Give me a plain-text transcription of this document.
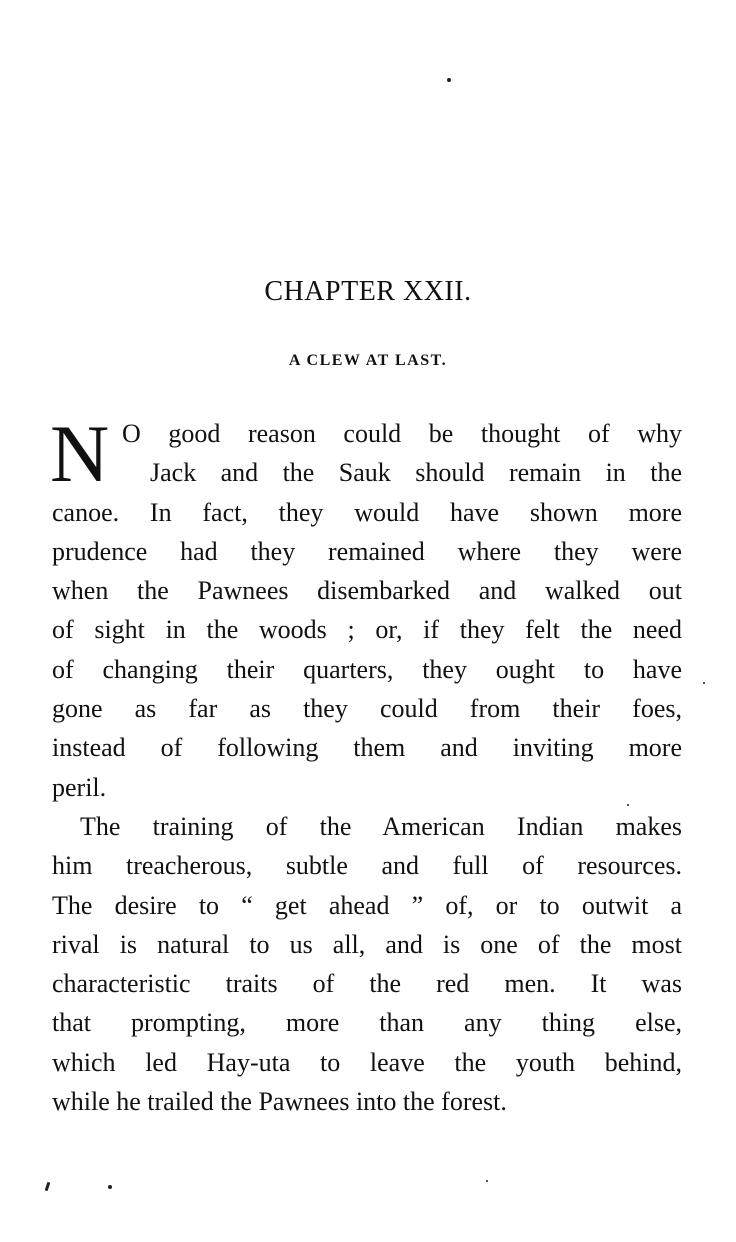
CHAPTER XXII.
A CLEW AT LAST.
N O good reason could be thought of why
Jack and the Sauk should remain in the
canoe. In fact, they would have shown more
prudence had they remained where they were
when the Pawnees disembarked and walked out
of sight in the woods ; or, if they felt the need
of changing their quarters, they ought to have
gone as far as they could from their foes,
instead of following them and inviting more
peril.
The training of the American Indian makes
him treacherous, subtle and full of resources.
The desire to “ get ahead ” of, or to outwit a
rival is natural to us all, and is one of the most
characteristic traits of the red men. It was
that prompting, more than any thing else,
which led Hay-uta to leave the youth behind,
while he trailed the Pawnees into the forest.
